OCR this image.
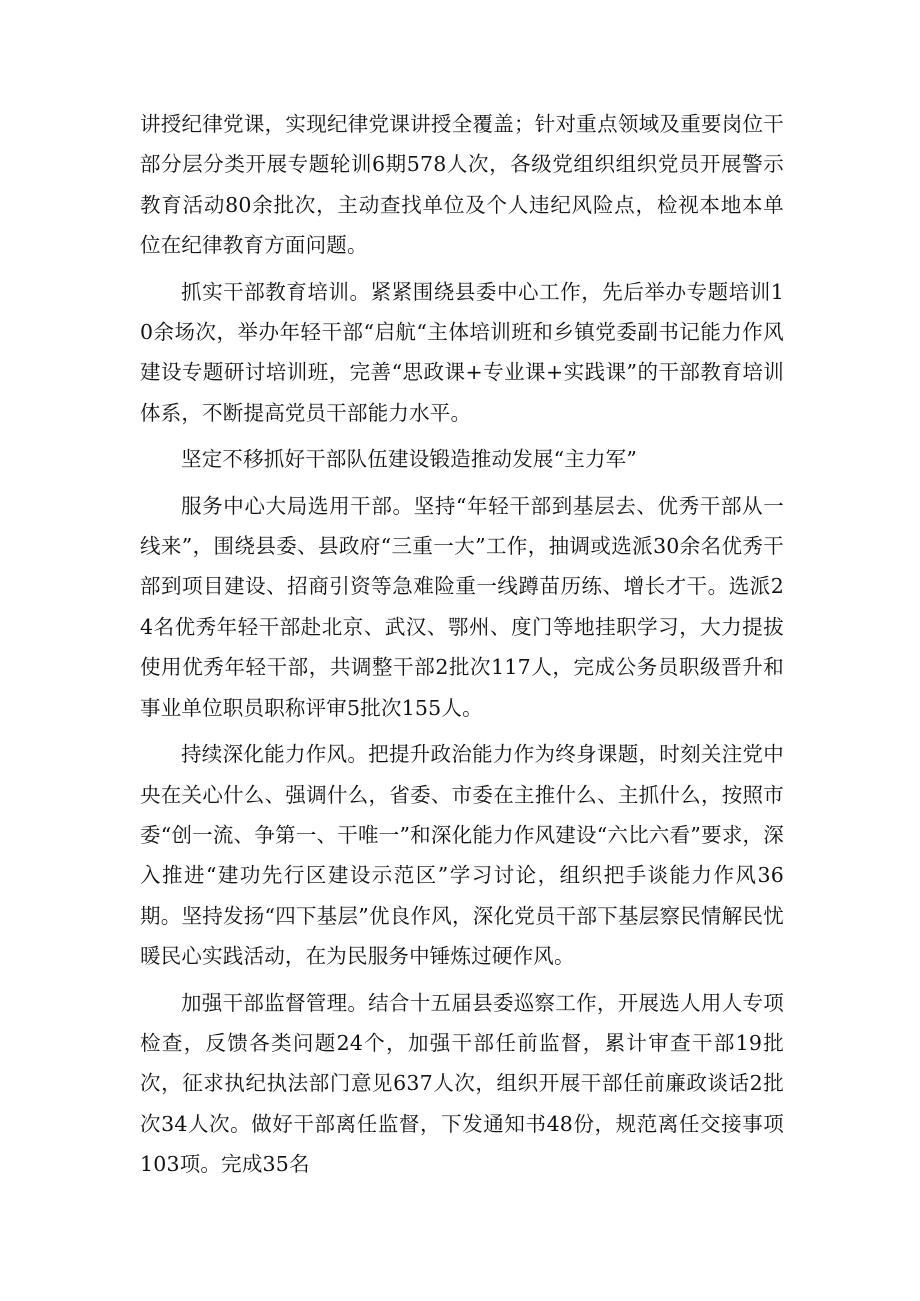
讲授纪律党课，实现纪律党课讲授全覆盖；针对重点领域及重要岗位干部分层分类开展专题轮训6期578人次，各级党组织组织党员开展警示教育活动80余批次，主动查找单位及个人违纪风险点，检视本地本单位在纪律教育方面问题。

抓实干部教育培训。紧紧围绕县委中心工作，先后举办专题培训10余场次，举办年轻干部“启航“主体培训班和乡镇党委副书记能力作风建设专题研讨培训班，完善“思政课+专业课+实践课”的干部教育培训体系，不断提高党员干部能力水平。

坚定不移抓好干部队伍建设锻造推动发展“主力军”

服务中心大局选用干部。坚持“年轻干部到基层去、优秀干部从一线来”，围绕县委、县政府“三重一大”工作，抽调或选派30余名优秀干部到项目建设、招商引资等急难险重一线蹲苗历练、增长才干。选派24名优秀年轻干部赴北京、武汉、鄂州、度门等地挂职学习，大力提拔使用优秀年轻干部，共调整干部2批次117人，完成公务员职级晋升和事业单位职员职称评审5批次155人。

持续深化能力作风。把提升政治能力作为终身课题，时刻关注党中央在关心什么、强调什么，省委、市委在主推什么、主抓什么，按照市委“创一流、争第一、干唯一”和深化能力作风建设“六比六看”要求，深入推进“建功先行区建设示范区”学习讨论，组织把手谈能力作风36期。坚持发扬“四下基层”优良作风，深化党员干部下基层察民情解民忧暖民心实践活动，在为民服务中锤炼过硬作风。

加强干部监督管理。结合十五届县委巡察工作，开展选人用人专项检查，反馈各类问题24个，加强干部任前监督，累计审查干部19批次，征求执纪执法部门意见637人次，组织开展干部任前廉政谈话2批次34人次。做好干部离任监督，下发通知书48份，规范离任交接事项103项。完成35名
